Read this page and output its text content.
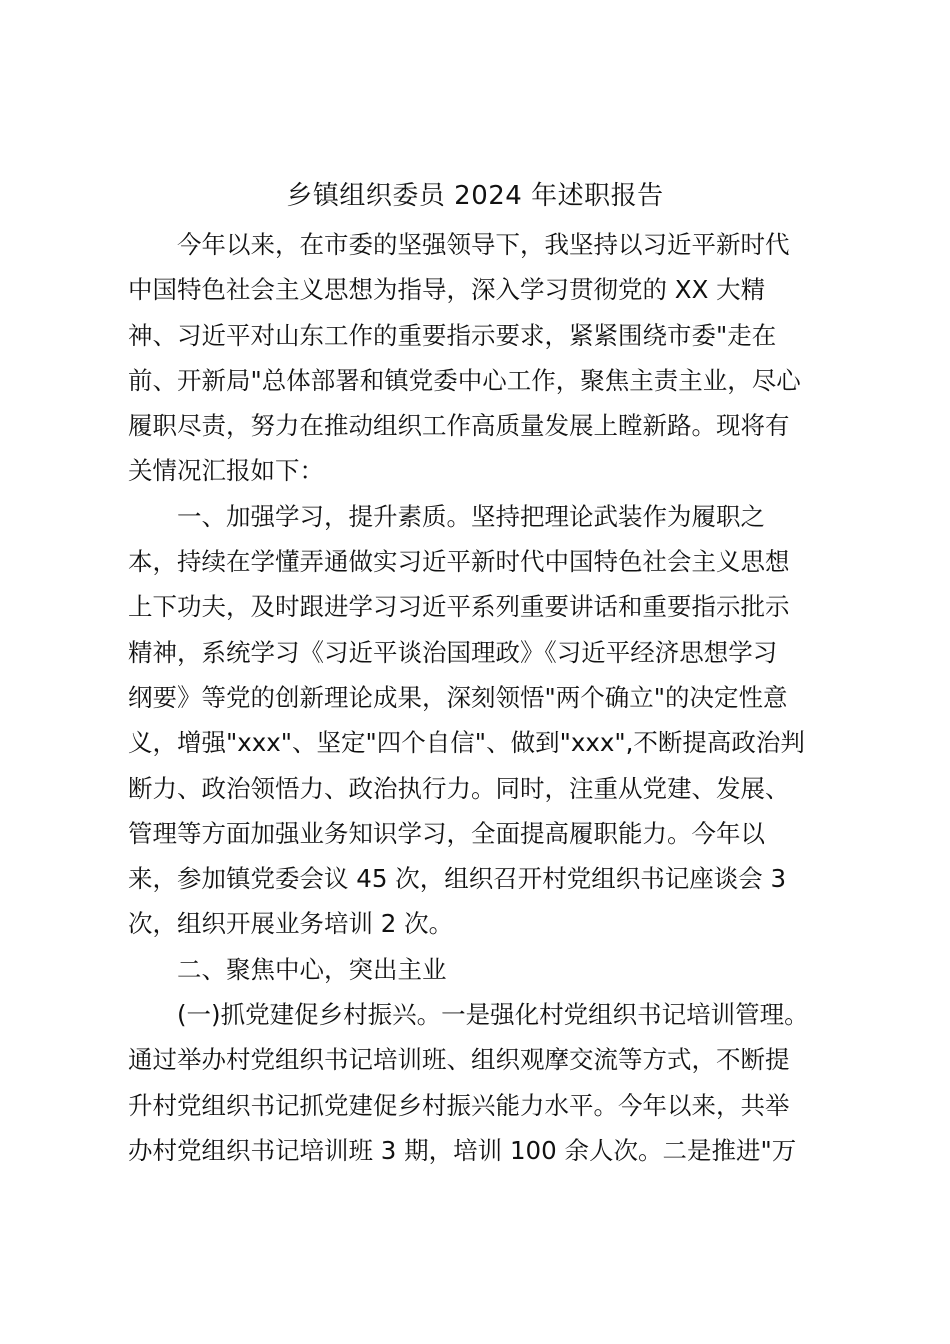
乡镇组织委员 2024 年述职报告
今年以来，在市委的坚强领导下，我坚持以习近平新时代
中国特色社会主义思想为指导，深入学习贯彻党的 XX 大精
神、习近平对山东工作的重要指示要求，紧紧围绕市委"走在
前、开新局"总体部署和镇党委中心工作，聚焦主责主业，尽心
履职尽责，努力在推动组织工作高质量发展上瞠新路。现将有
关情况汇报如下：
一、加强学习，提升素质。坚持把理论武装作为履职之
本，持续在学懂弄通做实习近平新时代中国特色社会主义思想
上下功夫，及时跟进学习习近平系列重要讲话和重要指示批示
精神，系统学习《习近平谈治国理政》《习近平经济思想学习
纲要》等党的创新理论成果，深刻领悟"两个确立"的决定性意
义，增强"xxx"、坚定"四个自信"、做到"xxx",不断提高政治判
断力、政治领悟力、政治执行力。同时，注重从党建、发展、
管理等方面加强业务知识学习，全面提高履职能力。今年以
来，参加镇党委会议 45 次，组织召开村党组织书记座谈会 3
次，组织开展业务培训 2 次。
二、聚焦中心，突出主业
(一)抓党建促乡村振兴。一是强化村党组织书记培训管理。
通过举办村党组织书记培训班、组织观摩交流等方式，不断提
升村党组织书记抓党建促乡村振兴能力水平。今年以来，共举
办村党组织书记培训班 3 期，培训 100 余人次。二是推进"万
